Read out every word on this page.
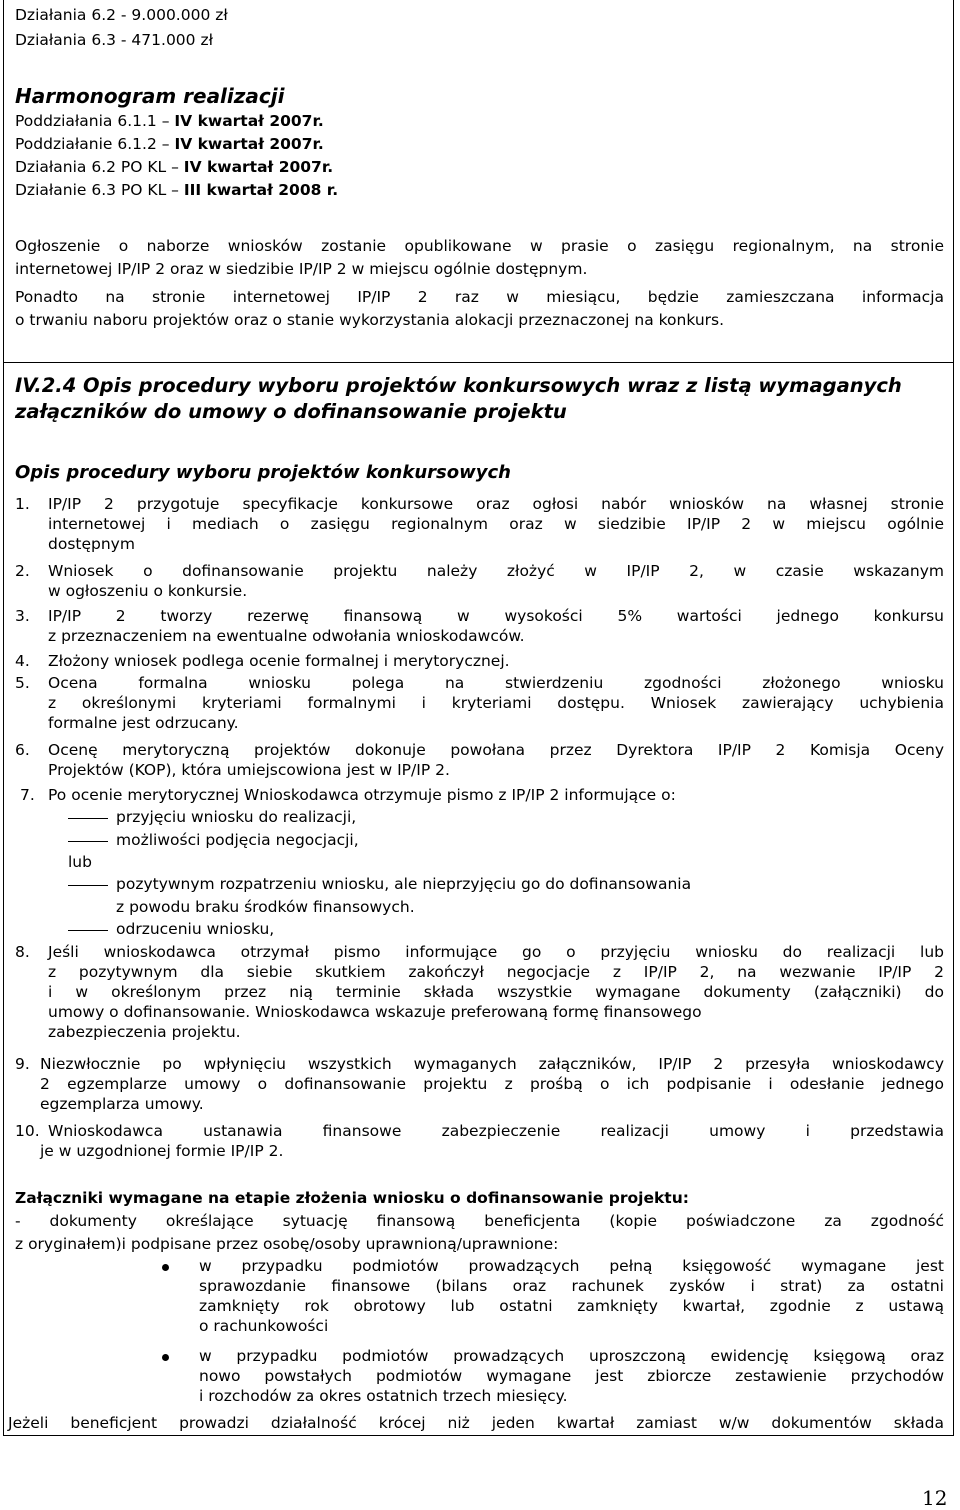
Działania 6.2 - 9.000.000 zł
Działania 6.3 - 471.000 zł
Harmonogram realizacji
Poddziałania 6.1.1 – IV kwartał 2007r.
Poddziałanie 6.1.2 – IV kwartał 2007r.
Działania 6.2 PO KL – IV kwartał 2007r.
Działanie 6.3 PO KL – III kwartał 2008 r.
Ogłoszenie o naborze wniosków zostanie opublikowane w prasie o zasięgu regionalnym, na stronie
internetowej IP/IP 2 oraz w siedzibie IP/IP 2 w miejscu ogólnie dostępnym.
Ponadto na stronie internetowej IP/IP 2 raz w miesiącu, będzie zamieszczana informacja
o trwaniu naboru projektów oraz o stanie wykorzystania alokacji przeznaczonej na konkurs.
IV.2.4 Opis procedury wyboru projektów konkursowych wraz z listą wymaganych
załączników do umowy o dofinansowanie projektu
Opis procedury wyboru projektów konkursowych
1. IP/IP 2 przygotuje specyfikacje konkursowe oraz ogłosi nabór wniosków na własnej stronie
internetowej i mediach o zasięgu regionalnym oraz w siedzibie IP/IP 2 w miejscu ogólnie
dostępnym
2. Wniosek o dofinansowanie projektu należy złożyć w IP/IP 2, w czasie wskazanym
w ogłoszeniu o konkursie.
3. IP/IP 2 tworzy rezerwę finansową w wysokości 5% wartości jednego konkursu
z przeznaczeniem na ewentualne odwołania wnioskodawców.
4. Złożony wniosek podlega ocenie formalnej i merytorycznej.
5. Ocena formalna wniosku polega na stwierdzeniu zgodności złożonego wniosku
z określonymi kryteriami formalnymi i kryteriami dostępu. Wniosek zawierający uchybienia
formalne jest odrzucany.
6. Ocenę merytoryczną projektów dokonuje powołana przez Dyrektora IP/IP 2 Komisja Oceny
Projektów (KOP), która umiejscowiona jest w IP/IP 2.
7. Po ocenie merytorycznej Wnioskodawca otrzymuje pismo z IP/IP 2 informujące o:
przyjęciu wniosku do realizacji,
możliwości podjęcia negocjacji,
lub
pozytywnym rozpatrzeniu wniosku, ale nieprzyjęciu go do dofinansowania
z powodu braku środków finansowych.
odrzuceniu wniosku,
8. Jeśli wnioskodawca otrzymał pismo informujące go o przyjęciu wniosku do realizacji lub
z pozytywnym dla siebie skutkiem zakończył negocjacje z IP/IP 2, na wezwanie IP/IP 2
i w określonym przez nią terminie składa wszystkie wymagane dokumenty (załączniki) do
umowy o dofinansowanie. Wnioskodawca wskazuje preferowaną formę finansowego
zabezpieczenia projektu.
9. Niezwłocznie po wpłynięciu wszystkich wymaganych załączników, IP/IP 2 przesyła wnioskodawcy
2 egzemplarze umowy o dofinansowanie projektu z prośbą o ich podpisanie i odesłanie jednego
egzemplarza umowy.
10. Wnioskodawca ustanawia finansowe zabezpieczenie realizacji umowy i przedstawia
je w uzgodnionej formie IP/IP 2.
Załączniki wymagane na etapie złożenia wniosku o dofinansowanie projektu:
- dokumenty określające sytuację finansową beneficjenta (kopie poświadczone za zgodność
z oryginałem)i podpisane przez osobę/osoby uprawnioną/uprawnione:
w przypadku podmiotów prowadzących pełną księgowość wymagane jest
sprawozdanie finansowe (bilans oraz rachunek zysków i strat) za ostatni
zamknięty rok obrotowy lub ostatni zamknięty kwartał, zgodnie z ustawą
o rachunkowości
w przypadku podmiotów prowadzących uproszczoną ewidencję księgową oraz
nowo powstałych podmiotów wymagane jest zbiorcze zestawienie przychodów
i rozchodów za okres ostatnich trzech miesięcy.
Jeżeli beneficjent prowadzi działalność krócej niż jeden kwartał zamiast w/w dokumentów składa
12
